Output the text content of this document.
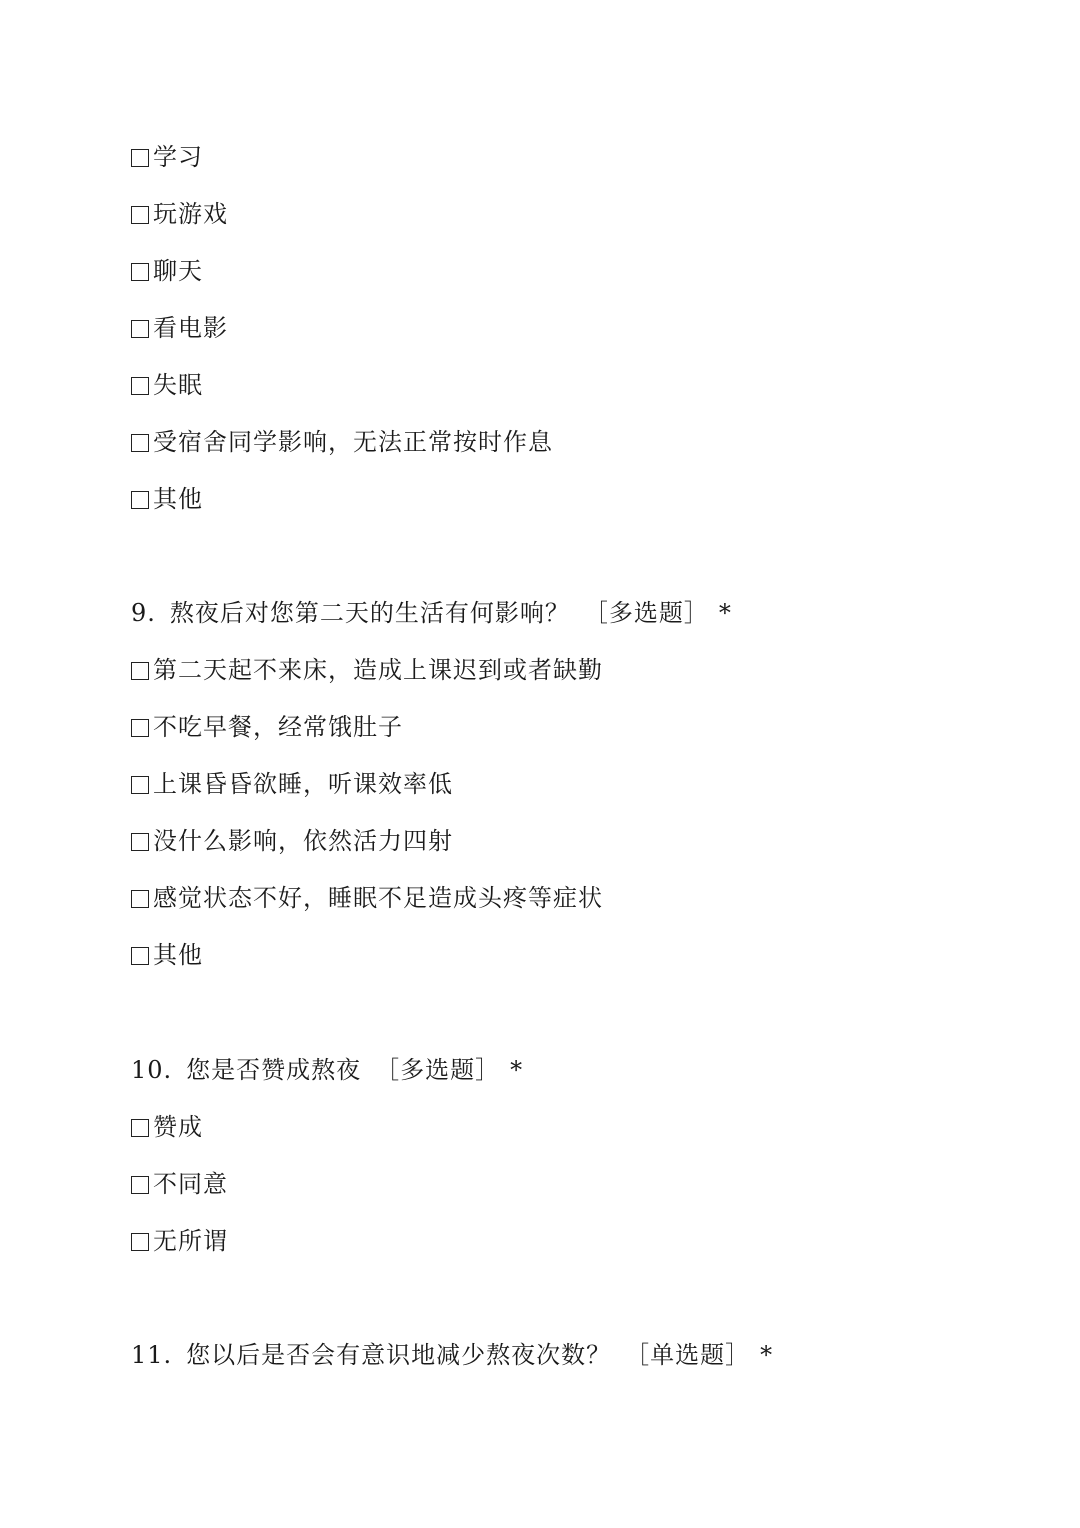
学习
玩游戏
聊天
看电影
失眠
受宿舍同学影响，无法正常按时作息
其他
9. 熬夜后对您第二天的生活有何影响？ ［多选题］ *
第二天起不来床，造成上课迟到或者缺勤
不吃早餐，经常饿肚子
上课昏昏欲睡，听课效率低
没什么影响，依然活力四射
感觉状态不好，睡眠不足造成头疼等症状
其他
10. 您是否赞成熬夜 ［多选题］ *
赞成
不同意
无所谓
11. 您以后是否会有意识地减少熬夜次数？ ［单选题］ *
